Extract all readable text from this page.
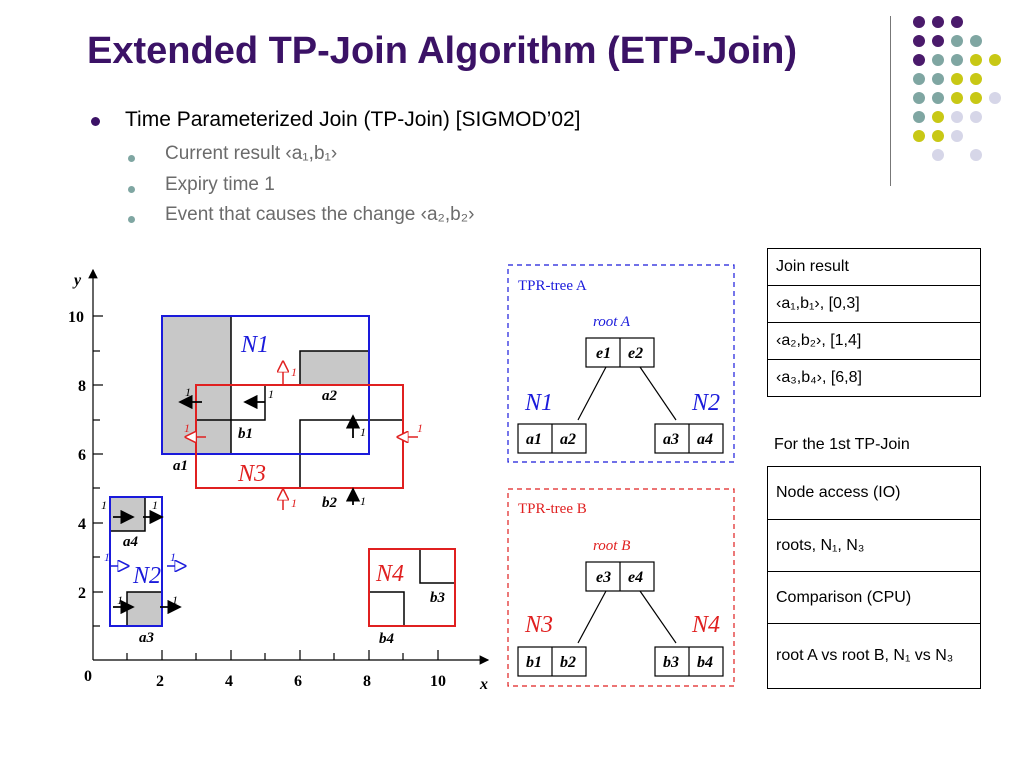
Extended TP-Join Algorithm (ETP-Join)
Time Parameterized Join (TP-Join) [SIGMOD’02]
Current result ‹a₁,b₁›
Expiry time 1
Event that causes the change ‹a₂,b₂›
y
x
0
10
8
6
4
2
2	4	6	8	10
1	1
1
1
1	1
1	1
1	1
1
1
1	1
a1
a2
a3
a4
b1
b2
b3
b4
N1
N2
N3
N4
TPR-tree A
root A
e1 e2
a1 a2	a3 a4
N1	N2
TPR-tree B
root B
e3 e4
b1 b2	b3 b4
N3	N4
Join result
‹a₁,b₁›, [0,3]
‹a₂,b₂›, [1,4]
‹a₃,b₄›, [6,8]
For the 1st TP-Join
Node access (IO)
roots, N₁, N₃
Comparison (CPU)
root A vs root B, N₁ vs N₃
